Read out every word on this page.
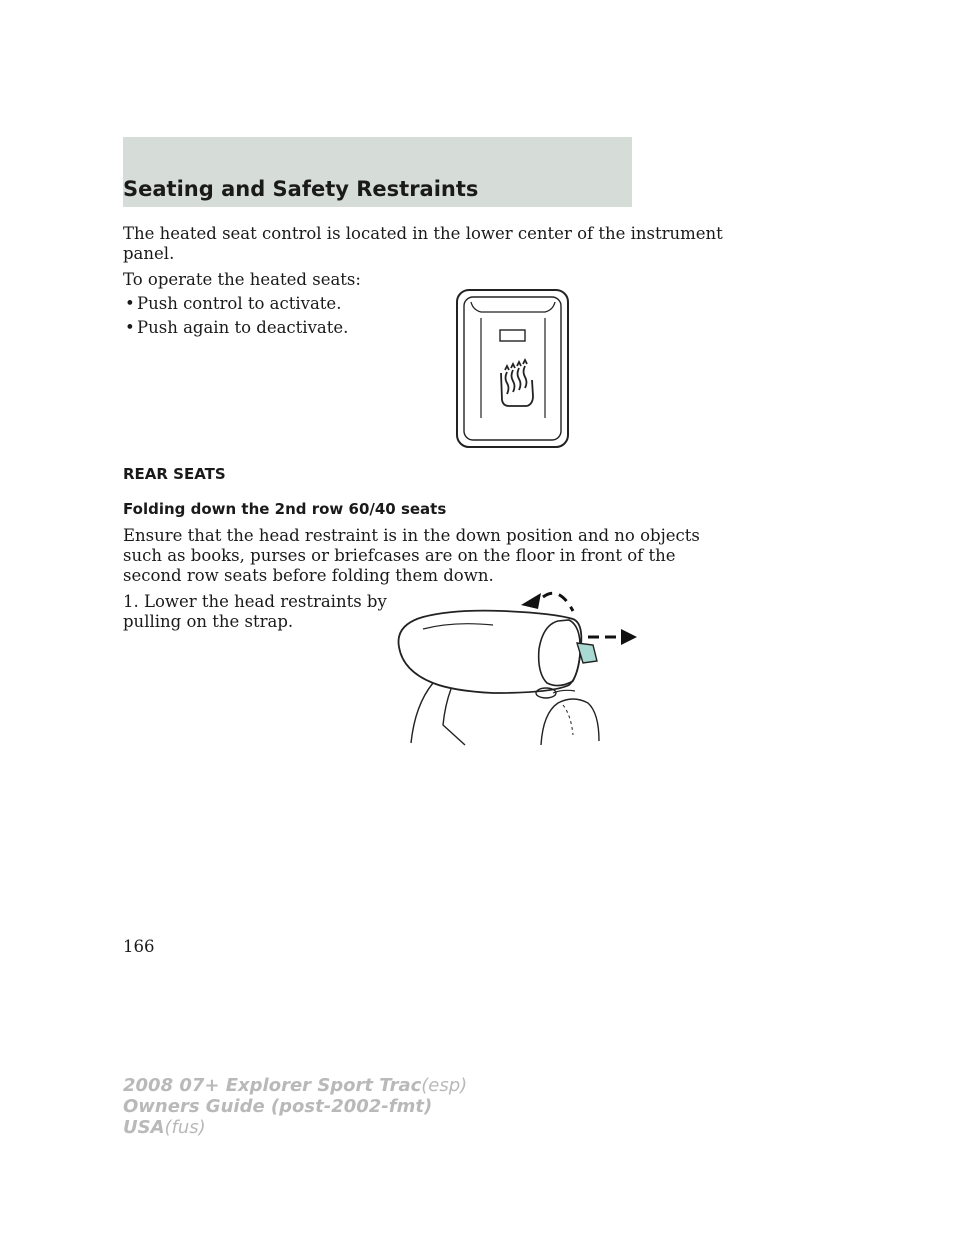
Seating and Safety Restraints
The heated seat control is located in the lower center of the instrument
panel.
To operate the heated seats:
• Push control to activate.
• Push again to deactivate.
REAR SEATS
Folding down the 2nd row 60/40 seats
Ensure that the head restraint is in the down position and no objects
such as books, purses or briefcases are on the floor in front of the
second row seats before folding them down.
1. Lower the head restraints by
pulling on the strap.
166
2008 07+ Explorer Sport Trac(esp)
Owners Guide (post-2002-fmt)
USA(fus)
